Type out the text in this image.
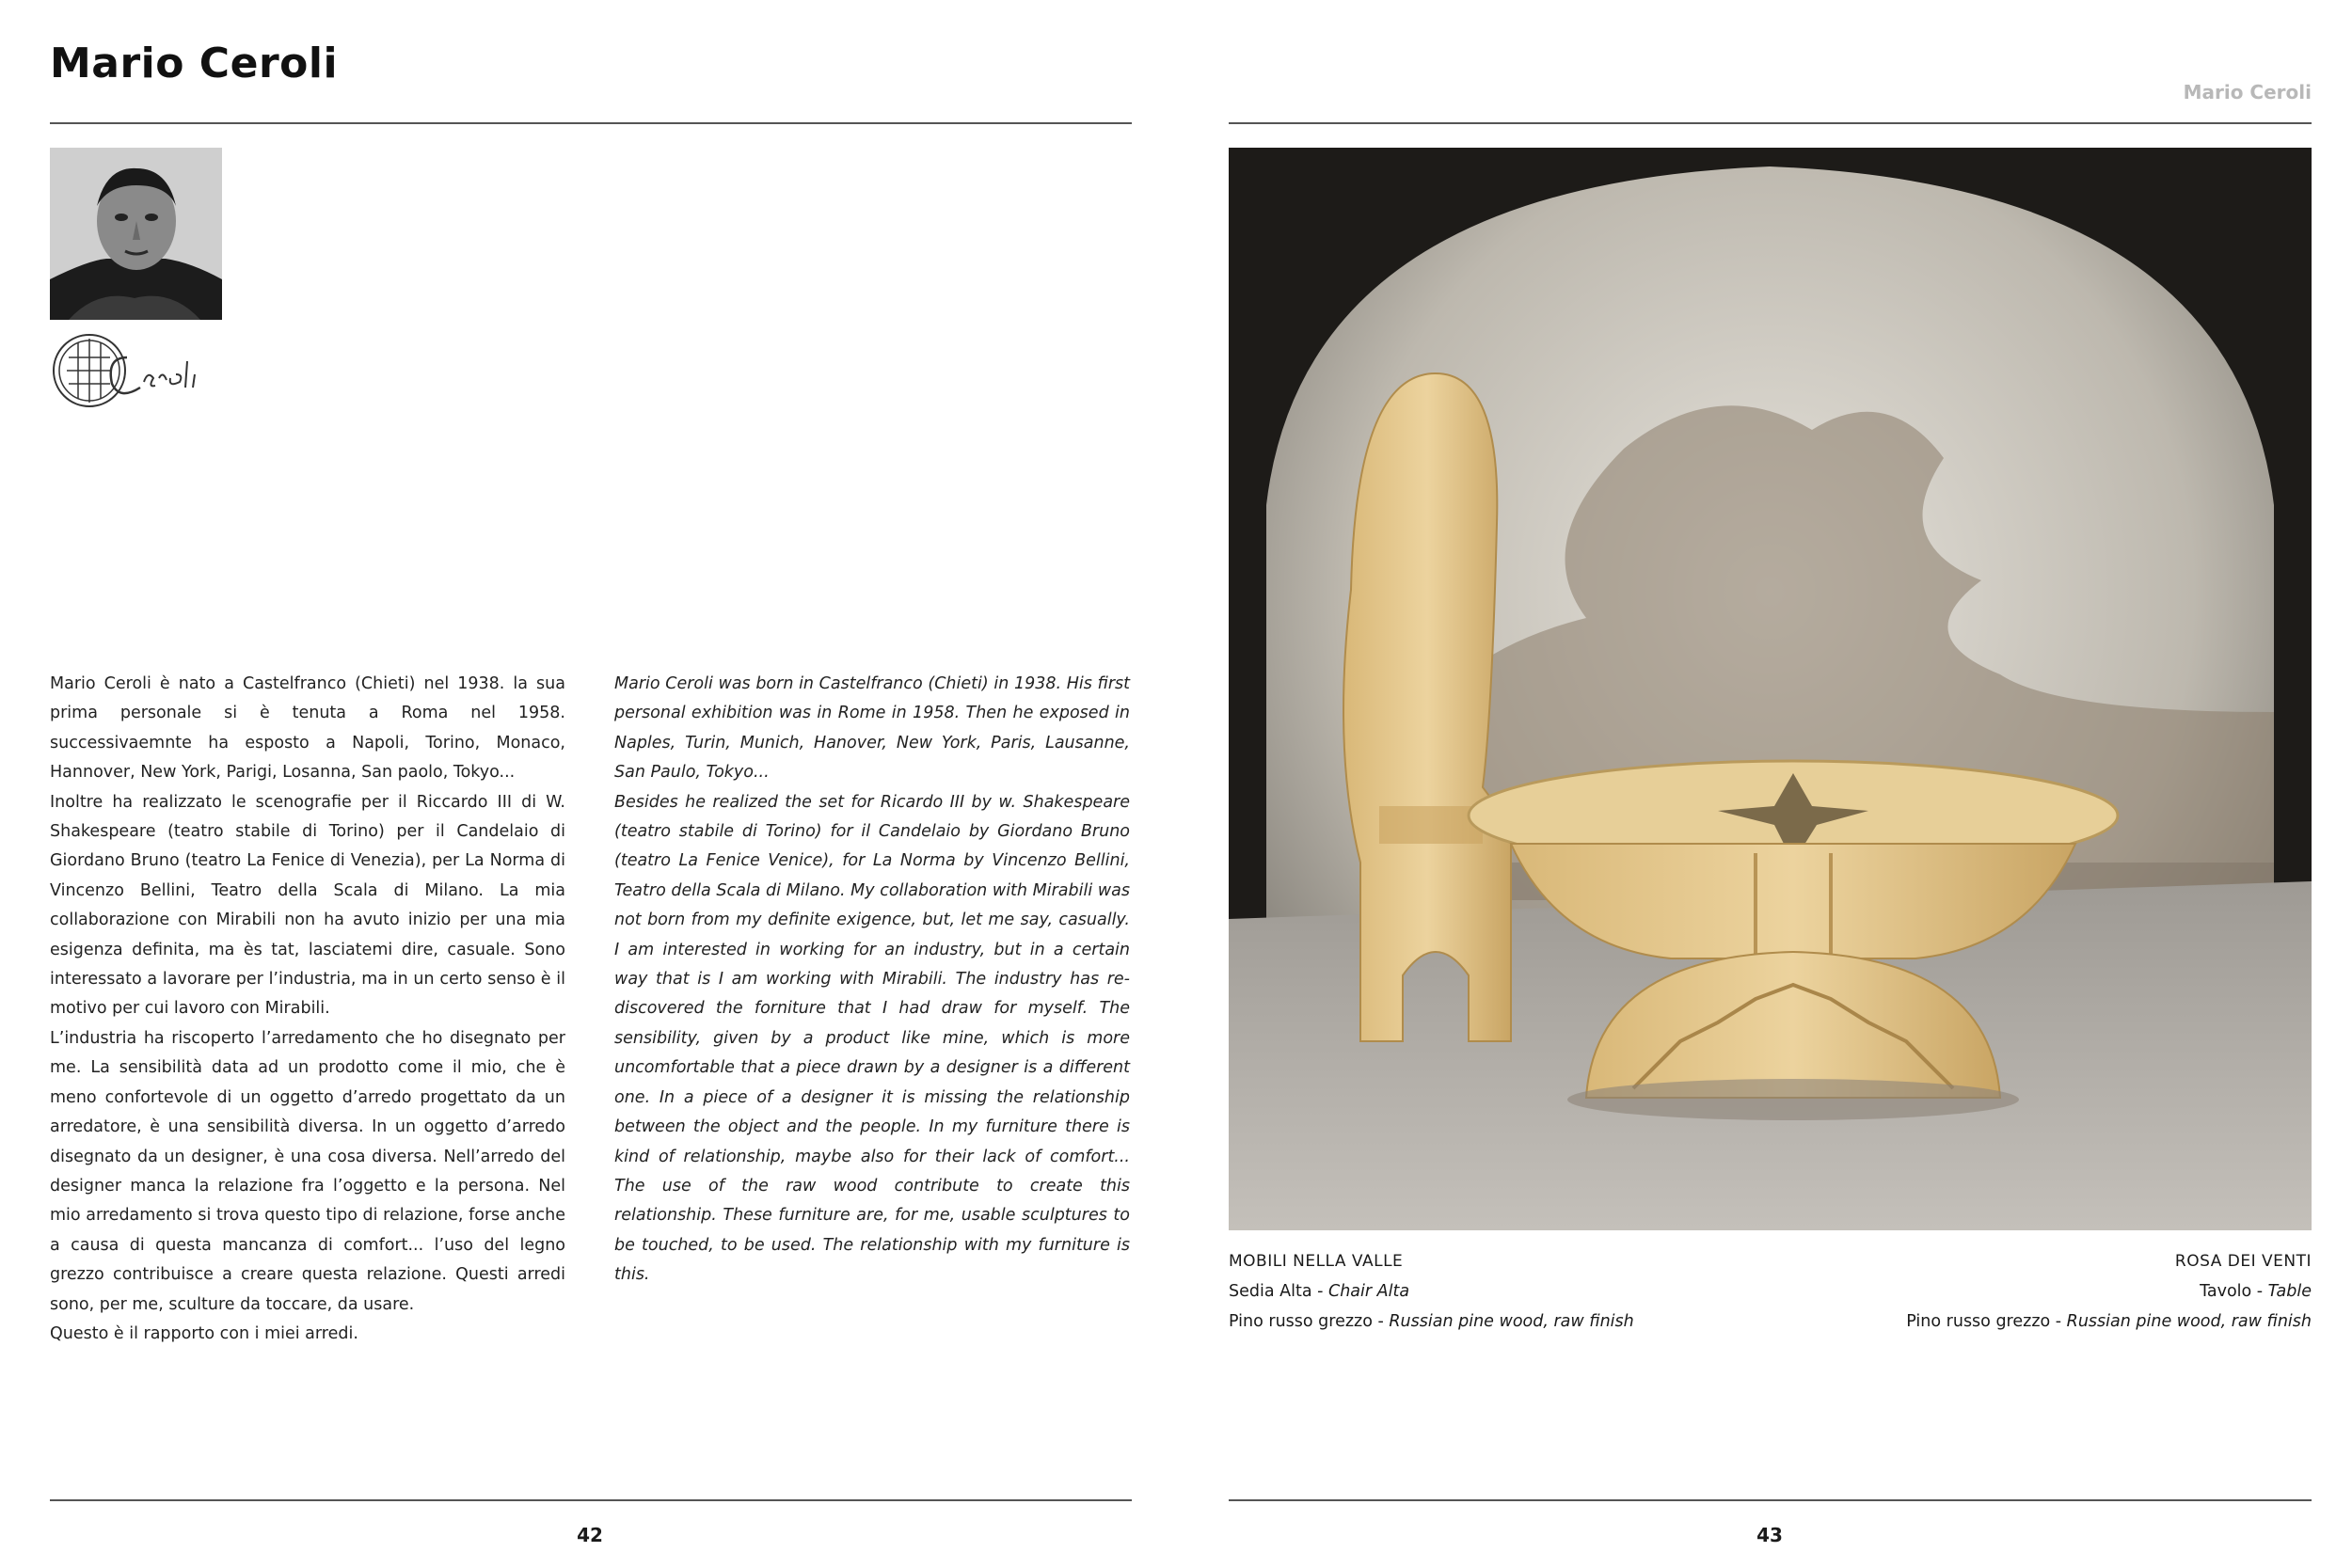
Mario Ceroli

Mario Ceroli è nato a Castelfranco (Chieti) nel 1938. la sua prima personale si è tenuta a Roma nel 1958. successivaemnte ha esposto a Napoli, Torino, Monaco, Hannover, New York, Parigi, Losanna, San paolo, Tokyo...

Inoltre ha realizzato le scenografie per il Riccardo III di W. Shakespeare (teatro stabile di Torino) per il Candelaio di Giordano Bruno (teatro La Fenice di Venezia), per La Norma di Vincenzo Bellini, Teatro della Scala di Milano. La mia collaborazione con Mirabili non ha avuto inizio per una mia esigenza definita, ma ès tat, lasciatemi dire, casuale. Sono interessato a lavorare per l’industria, ma in un certo senso è il motivo per cui lavoro con Mirabili.

L’industria ha riscoperto l’arredamento che ho disegnato per me. La sensibilità data ad un prodotto come il mio, che è meno confortevole di un oggetto d’arredo progettato da un arredatore, è una sensibilità diversa. In un oggetto d’arredo disegnato da un designer, è una cosa diversa. Nell’arredo del designer manca la relazione fra l’oggetto e la persona. Nel mio arredamento si trova questo tipo di relazione, forse anche a causa di questa mancanza di comfort... l’uso del legno grezzo contribuisce a creare questa relazione. Questi arredi sono, per me, sculture da toccare, da usare.

Questo è il rapporto con i miei arredi.

Mario Ceroli was born in Castelfranco (Chieti) in 1938. His first personal exhibition was in Rome in 1958. Then he exposed in Naples, Turin, Munich, Hanover, New York, Paris, Lausanne, San Paulo, Tokyo...

Besides he realized the set for Ricardo III by w. Shakespeare (teatro stabile di Torino) for il Candelaio by Giordano Bruno (teatro La Fenice Venice), for La Norma by Vincenzo Bellini, Teatro della Scala di Milano. My collaboration with Mirabili was not born from my definite exigence, but, let me say, casually. I am interested in working for an industry, but in a certain way that is I am working with Mirabili. The industry has re-discovered the forniture that I had draw for myself. The sensibility, given by a product like mine, which is more uncomfortable that a piece drawn by a designer is a different one. In a piece of a designer it is missing the relationship between the object and the people. In my furniture there is kind of relationship, maybe also for their lack of comfort... The use of the raw wood contribute to create this relationship. These furniture are, for me, usable sculptures to be touched, to be used. The relationship with my furniture is this.

42
Mario Ceroli
MOBILI NELLA VALLE
Sedia Alta - Chair Alta
Pino russo grezzo - Russian pine wood, raw finish
ROSA DEI VENTI
Tavolo - Table
Pino russo grezzo - Russian pine wood, raw finish
43
